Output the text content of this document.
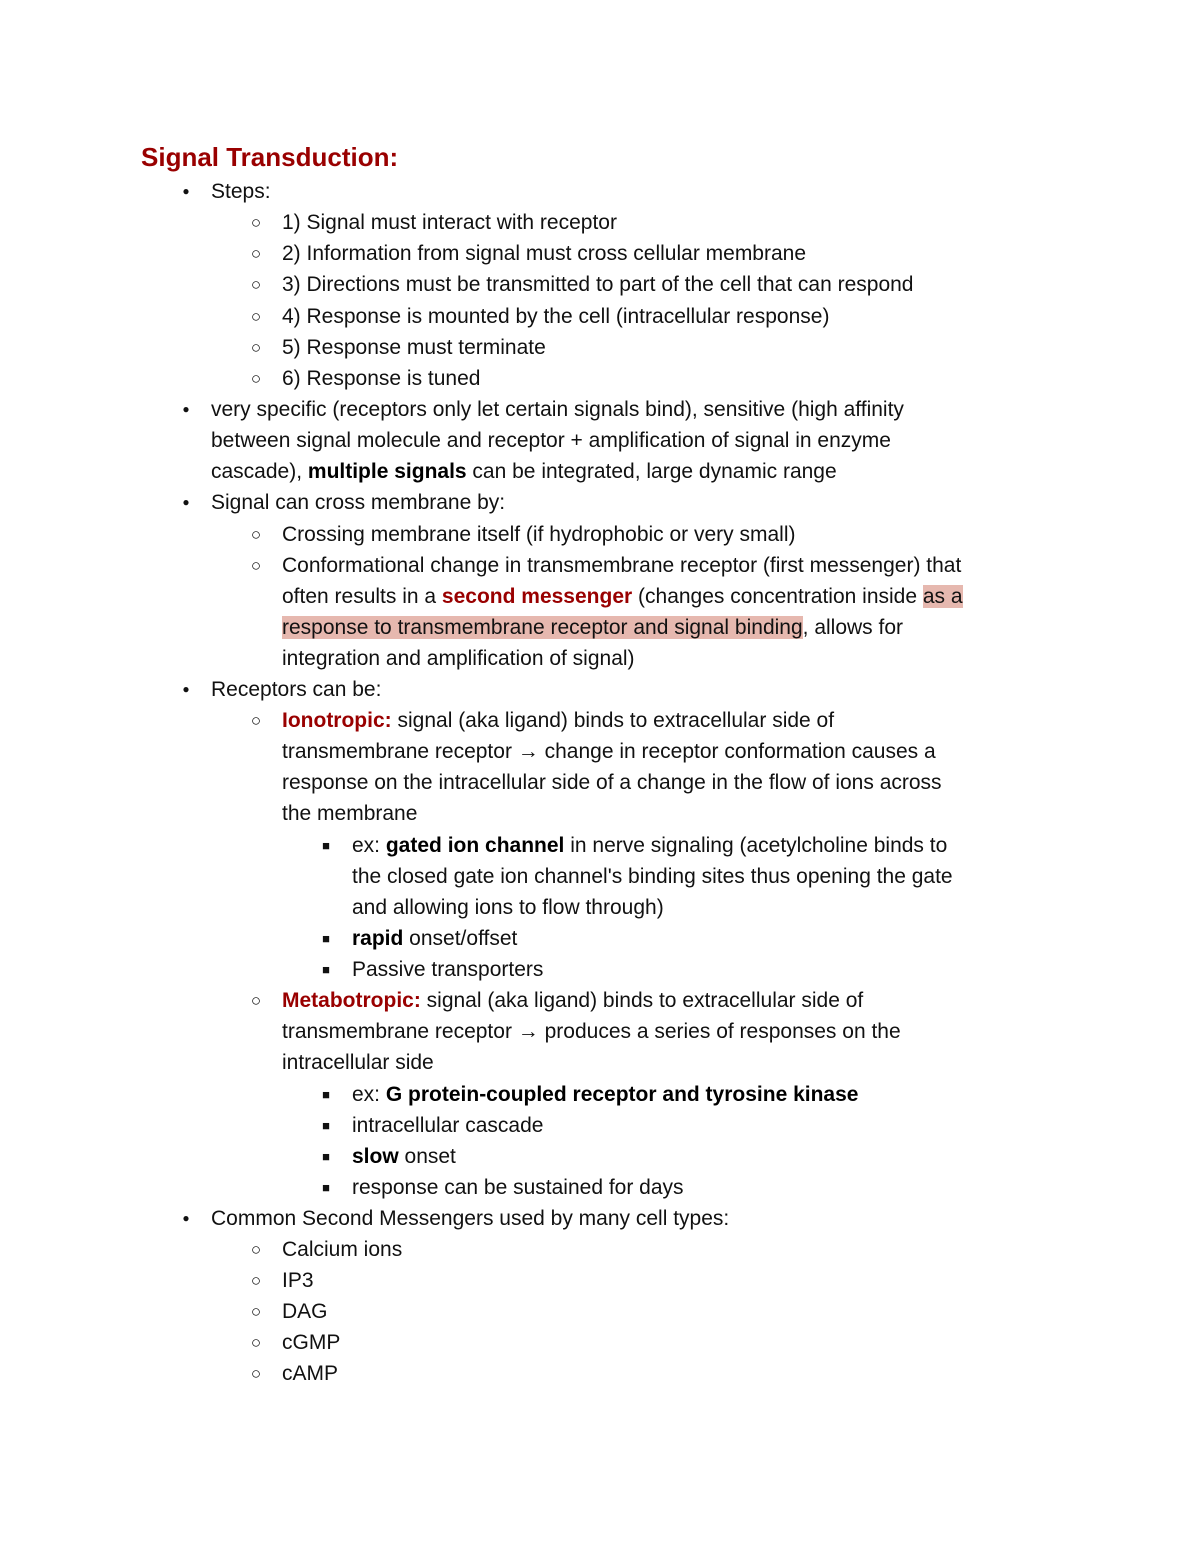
Signal Transduction:
●	Steps:
○ 1) Signal must interact with receptor
○ 2) Information from signal must cross cellular membrane
○ 3) Directions must be transmitted to part of the cell that can respond
○ 4) Response is mounted by the cell (intracellular response)
○ 5) Response must terminate
○ 6) Response is tuned
●	very specific (receptors only let certain signals bind), sensitive (high affinity
between signal molecule and receptor + amplification of signal in enzyme
cascade), multiple signals can be integrated, large dynamic range
●	Signal can cross membrane by:
○ Crossing membrane itself (if hydrophobic or very small)
○ Conformational change in transmembrane receptor (first messenger) that
often results in a second messenger (changes concentration inside as a
response to transmembrane receptor and signal binding, allows for
integration and amplification of signal)
●	Receptors can be:
○ Ionotropic: signal (aka ligand) binds to extracellular side of
transmembrane receptor → change in receptor conformation causes a
response on the intracellular side of a change in the flow of ions across
the membrane
■	ex: gated ion channel in nerve signaling (acetylcholine binds to
the closed gate ion channel's binding sites thus opening the gate
and allowing ions to flow through)
■	rapid onset/offset
■	Passive transporters
○ Metabotropic: signal (aka ligand) binds to extracellular side of
transmembrane receptor → produces a series of responses on the
intracellular side
■	ex: G protein-coupled receptor and tyrosine kinase
■	intracellular cascade
■	slow onset
■	response can be sustained for days
●	Common Second Messengers used by many cell types:
○ Calcium ions
○ IP3
○ DAG
○ cGMP
○ cAMP
